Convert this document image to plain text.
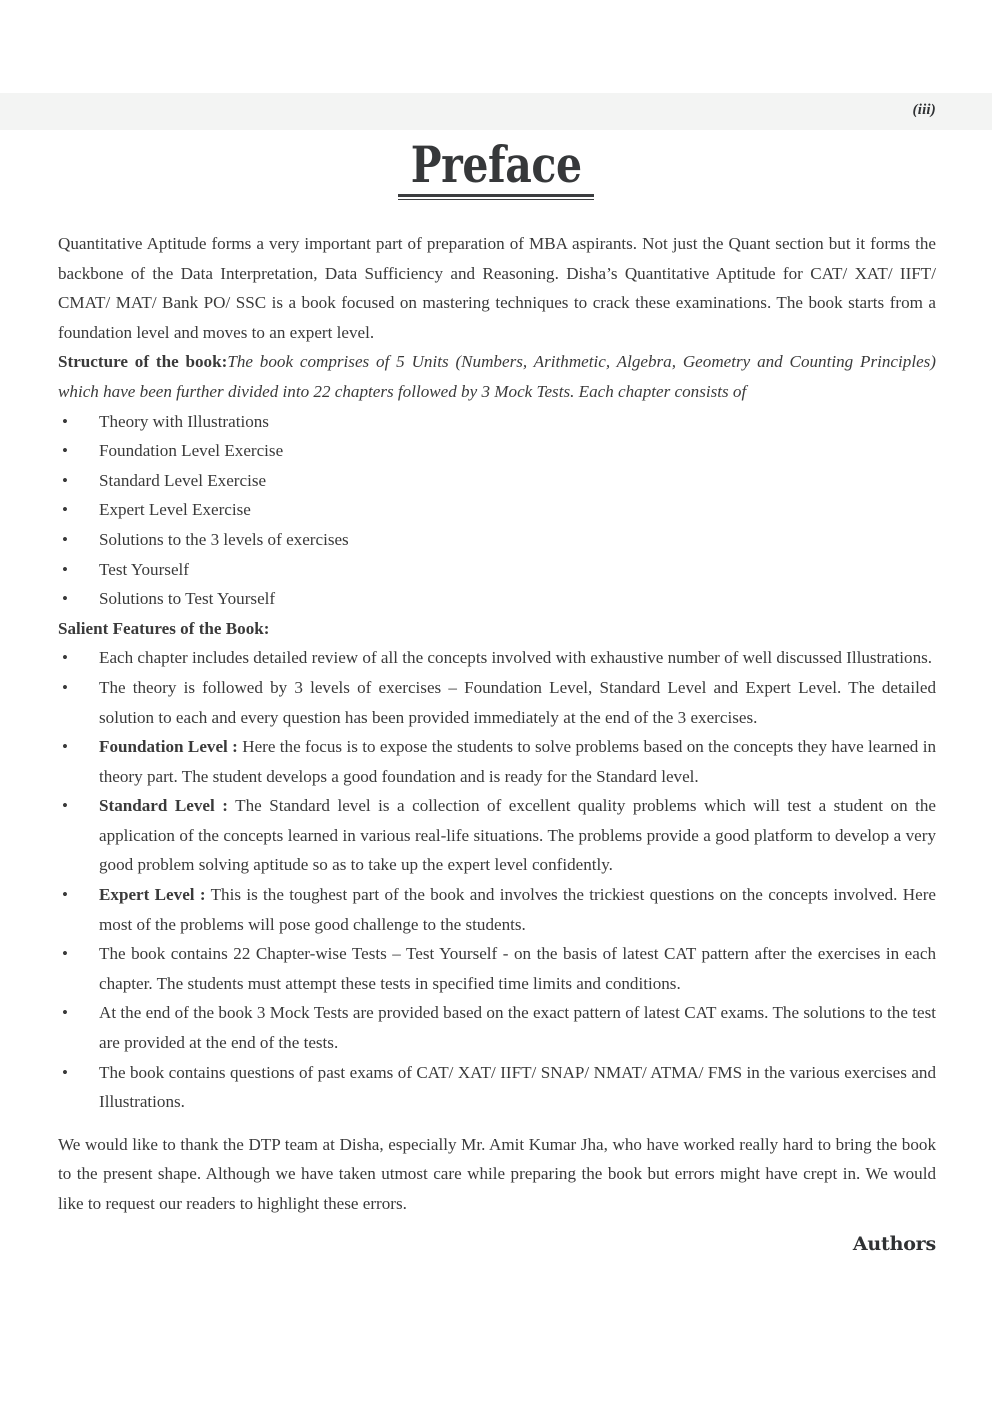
(iii)
Preface

Quantitative Aptitude forms a very important part of preparation of MBA aspirants. Not just the Quant section but it forms the backbone of the Data Interpretation, Data Sufficiency and Reasoning. Disha’s Quantitative Aptitude for CAT/ XAT/ IIFT/ CMAT/ MAT/ Bank PO/ SSC is a book focused on mastering techniques to crack these examinations. The book starts from a foundation level and moves to an expert level.

Structure of the book:The book comprises of 5 Units (Numbers, Arithmetic, Algebra, Geometry and Counting Principles) which have been further divided into 22 chapters followed by 3 Mock Tests. Each chapter consists of

• Theory with Illustrations
• Foundation Level Exercise
• Standard Level Exercise
• Expert Level Exercise
• Solutions to the 3 levels of exercises
• Test Yourself
• Solutions to Test Yourself

Salient Features of the Book:

• Each chapter includes detailed review of all the concepts involved with exhaustive number of well discussed Illustrations.
• The theory is followed by 3 levels of exercises – Foundation Level, Standard Level and Expert Level. The detailed solution to each and every question has been provided immediately at the end of the 3 exercises.
• Foundation Level : Here the focus is to expose the students to solve problems based on the concepts they have learned in theory part. The student develops a good foundation and is ready for the Standard level.
• Standard Level : The Standard level is a collection of excellent quality problems which will test a student on the application of the concepts learned in various real-life situations. The problems provide a good platform to develop a very good problem solving aptitude so as to take up the expert level confidently.
• Expert Level : This is the toughest part of the book and involves the trickiest questions on the concepts involved. Here most of the problems will pose good challenge to the students.
• The book contains 22 Chapter-wise Tests – Test Yourself - on the basis of latest CAT pattern after the exercises in each chapter. The students must attempt these tests in specified time limits and conditions.
• At the end of the book 3 Mock Tests are provided based on the exact pattern of latest CAT exams. The solutions to the test are provided at the end of the tests.
• The book contains questions of past exams of CAT/ XAT/ IIFT/ SNAP/ NMAT/ ATMA/ FMS in the various exercises and Illustrations.

We would like to thank the DTP team at Disha, especially Mr. Amit Kumar Jha, who have worked really hard to bring the book to the present shape. Although we have taken utmost care while preparing the book but errors might have crept in. We would like to request our readers to highlight these errors.

Authors
